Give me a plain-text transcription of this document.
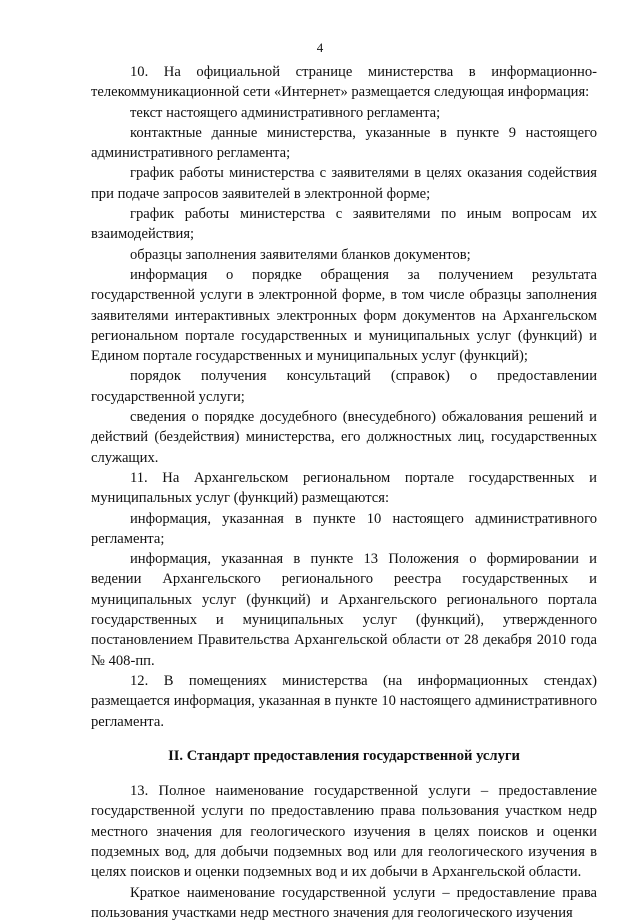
4

10. На официальной странице министерства в информационно-телекоммуникационной сети «Интернет» размещается следующая информация:

текст настоящего административного регламента;

контактные данные министерства, указанные в пункте 9 настоящего административного регламента;

график работы министерства с заявителями в целях оказания содействия при подаче запросов заявителей в электронной форме;

график работы министерства с заявителями по иным вопросам их взаимодействия;

образцы заполнения заявителями бланков документов;

информация о порядке обращения за получением результата государственной услуги в электронной форме, в том числе образцы заполнения заявителями интерактивных электронных форм документов на Архангельском региональном портале государственных и муниципальных услуг (функций) и Едином портале государственных и муниципальных услуг (функций);

порядок получения консультаций (справок) о предоставлении государственной услуги;

сведения о порядке досудебного (внесудебного) обжалования решений и действий (бездействия) министерства, его должностных лиц, государственных служащих.

11. На Архангельском региональном портале государственных и муниципальных услуг (функций) размещаются:

информация, указанная в пункте 10 настоящего административного регламента;

информация, указанная в пункте 13 Положения о формировании и ведении Архангельского регионального реестра государственных и муниципальных услуг (функций) и Архангельского регионального портала государственных и муниципальных услуг (функций), утвержденного постановлением Правительства Архангельской области от 28 декабря 2010 года № 408-пп.

12. В помещениях министерства (на информационных стендах) размещается информация, указанная в пункте 10 настоящего административного регламента.

II. Стандарт предоставления государственной услуги

13. Полное наименование государственной услуги – предоставление государственной услуги по предоставлению права пользования участком недр местного значения для геологического изучения в целях поисков и оценки подземных вод, для добычи подземных вод или для геологического изучения в целях поисков и оценки подземных вод и их добычи в Архангельской области.

Краткое наименование государственной услуги – предоставление права пользования участками недр местного значения для геологического изучения
